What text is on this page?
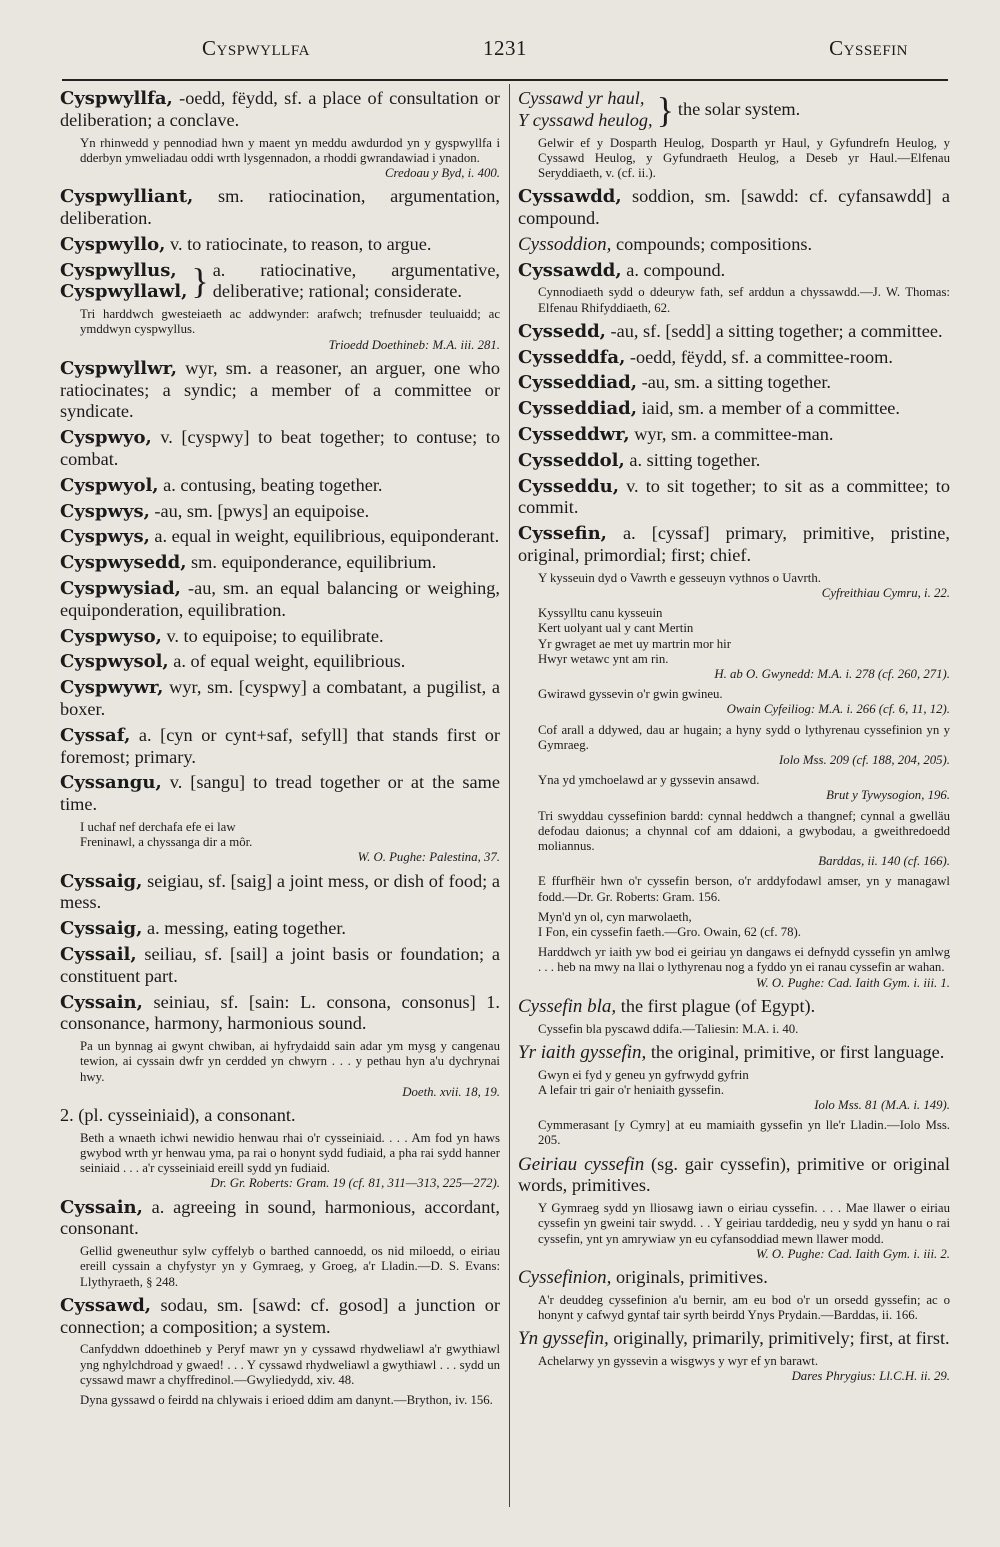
Cyspwyllfa	1231	Cyssefin
Cyspwyllfa, -oedd, fëydd, sf. a place of consultation or deliberation; a conclave.
Yn rhinwedd y pennodiad hwn y maent yn meddu awdurdod yn y gyspwyllfa i dderbyn ymweliadau oddi wrth lysgennadon, a rhoddi gwrandawiad i ynadon.
Credoau y Byd, i. 400.
Cyspwylliant, sm. ratiocination, argumentation, deliberation.
Cyspwyllo, v. to ratiocinate, to reason, to argue.
Cyspwyllus,
Cyspwyllawl, } a. ratiocinative, argumentative, deliberative; rational; considerate.
Tri harddwch gwesteiaeth ac addwynder: arafwch; trefnusder teuluaidd; ac ymddwyn cyspwyllus.
Trioedd Doethineb: M.A. iii. 281.
Cyspwyllwr, wyr, sm. a reasoner, an arguer, one who ratiocinates; a syndic; a member of a committee or syndicate.
Cyspwyo, v. [cyspwy] to beat together; to contuse; to combat.
Cyspwyol, a. contusing, beating together.
Cyspwys, -au, sm. [pwys] an equipoise.
Cyspwys, a. equal in weight, equilibrious, equiponderant.
Cyspwysedd, sm. equiponderance, equilibrium.
Cyspwysiad, -au, sm. an equal balancing or weighing, equiponderation, equilibration.
Cyspwyso, v. to equipoise; to equilibrate.
Cyspwysol, a. of equal weight, equilibrious.
Cyspwywr, wyr, sm. [cyspwy] a combatant, a pugilist, a boxer.
Cyssaf, a. [cyn or cynt+saf, sefyll] that stands first or foremost; primary.
Cyssangu, v. [sangu] to tread together or at the same time.
I uchaf nef derchafa efe ei law
Freninawl, a chyssanga dir a môr.
W. O. Pughe: Palestina, 37.
Cyssaig, seigiau, sf. [saig] a joint mess, or dish of food; a mess.
Cyssaig, a. messing, eating together.
Cyssail, seiliau, sf. [sail] a joint basis or foundation; a constituent part.
Cyssain, seiniau, sf. [sain: L. consona, consonus] 1. consonance, harmony, harmonious sound.
Pa un bynnag ai gwynt chwiban, ai hyfrydaidd sain adar ym mysg y cangenau tewion, ai cyssain dwfr yn cerdded yn chwyrn . . . y pethau hyn a'u dychrynai hwy.
Doeth. xvii. 18, 19.
2. (pl. cysseiniaid), a consonant.
Beth a wnaeth ichwi newidio henwau rhai o'r cysseiniaid. . . . Am fod yn haws gwybod wrth yr henwau yma, pa rai o honynt sydd fudiaid, a pha rai sydd hanner seiniaid . . . a'r cysseiniaid ereill sydd yn fudiaid.
Dr. Gr. Roberts: Gram. 19 (cf. 81, 311—313, 225—272).
Cyssain, a. agreeing in sound, harmonious, accordant, consonant.
Gellid gweneuthur sylw cyffelyb o barthed cannoedd, os nid miloedd, o eiriau ereill cyssain a chyfystyr yn y Gymraeg, y Groeg, a'r Lladin.—D. S. Evans: Llythyraeth, § 248.
Cyssawd, sodau, sm. [sawd: cf. gosod] a junction or connection; a composition; a system.
Canfyddwn ddoethineb y Peryf mawr yn y cyssawd rhydweliawl a'r gwythiawl yng nghylchdroad y gwaed! . . . Y cyssawd rhydweliawl a gwythiawl . . . sydd un cyssawd mawr a chyffredinol.—Gwyliedydd, xiv. 48.
Dyna gyssawd o feirdd na chlywais i erioed ddim am danynt.—Brython, iv. 156.
Cyssawd yr haul,
Y cyssawd heulog, } the solar system.
Gelwir ef y Dosparth Heulog, Dosparth yr Haul, y Gyfundrefn Heulog, y Cyssawd Heulog, y Gyfundraeth Heulog, a Deseb yr Haul.—Elfenau Seryddiaeth, v. (cf. ii.).
Cyssawdd, soddion, sm. [sawdd: cf. cyfansawdd] a compound.
Cyssoddion, compounds; compositions.
Cyssawdd, a. compound.
Cynnodiaeth sydd o ddeuryw fath, sef arddun a chyssawdd.—J. W. Thomas: Elfenau Rhifyddiaeth, 62.
Cyssedd, -au, sf. [sedd] a sitting together; a committee.
Cysseddfa, -oedd, fëydd, sf. a committee-room.
Cysseddiad, -au, sm. a sitting together.
Cysseddiad, iaid, sm. a member of a committee.
Cysseddwr, wyr, sm. a committee-man.
Cysseddol, a. sitting together.
Cysseddu, v. to sit together; to sit as a committee; to commit.
Cyssefin, a. [cyssaf] primary, primitive, pristine, original, primordial; first; chief.
Y kysseuin dyd o Vawrth e gesseuyn vythnos o Uavrth.
Cyfreithiau Cymru, i. 22.
Kyssylltu canu kysseuin
Kert uolyant ual y cant Mertin
Yr gwraget ae met uy martrin mor hir
Hwyr wetawc ynt am rin.
H. ab O. Gwynedd: M.A. i. 278 (cf. 260, 271).
Gwirawd gyssevin o'r gwin gwineu.
Owain Cyfeiliog: M.A. i. 266 (cf. 6, 11, 12).
Cof arall a ddywed, dau ar hugain; a hyny sydd o lythyrenau cyssefinion yn y Gymraeg.
Iolo Mss. 209 (cf. 188, 204, 205).
Yna yd ymchoelawd ar y gyssevin ansawd.
Brut y Tywysogion, 196.
Tri swyddau cyssefinion bardd: cynnal heddwch a thangnef; cynnal a gwelläu defodau daionus; a chynnal cof am ddaioni, a gwybodau, a gweithredoedd moliannus.
Barddas, ii. 140 (cf. 166).
E ffurfhëir hwn o'r cyssefin berson, o'r arddyfodawl amser, yn y managawl fodd.—Dr. Gr. Roberts: Gram. 156.
Myn'd yn ol, cyn marwolaeth,
I Fon, ein cyssefin faeth.—Gro. Owain, 62 (cf. 78).
Harddwch yr iaith yw bod ei geiriau yn dangaws ei defnydd cyssefin yn amlwg . . . heb na mwy na llai o lythyrenau nog a fyddo yn ei ranau cyssefin ar wahan.
W. O. Pughe: Cad. Iaith Gym. i. iii. 1.
Cyssefin bla, the first plague (of Egypt).
Cyssefin bla pyscawd ddifa.—Taliesin: M.A. i. 40.
Yr iaith gyssefin, the original, primitive, or first language.
Gwyn ei fyd y geneu yn gyfrwydd gyfrin
A lefair tri gair o'r heniaith gyssefin.
Iolo Mss. 81 (M.A. i. 149).
Cymmerasant [y Cymry] at eu mamiaith gyssefin yn lle'r Lladin.—Iolo Mss. 205.
Geiriau cyssefin (sg. gair cyssefin), primitive or original words, primitives.
Y Gymraeg sydd yn lliosawg iawn o eiriau cyssefin. . . . Mae llawer o eiriau cyssefin yn gweini tair swydd. . . Y geiriau tarddedig, neu y sydd yn hanu o rai cyssefin, ynt yn amrywiaw yn eu cyfansoddiad mewn llawer modd.
W. O. Pughe: Cad. Iaith Gym. i. iii. 2.
Cyssefinion, originals, primitives.
A'r deuddeg cyssefinion a'u bernir, am eu bod o'r un orsedd gyssefin; ac o honynt y cafwyd gyntaf tair syrth beirdd Ynys Prydain.—Barddas, ii. 166.
Yn gyssefin, originally, primarily, primitively; first, at first.
Achelarwy yn gyssevin a wisgwys y wyr ef yn barawt.
Dares Phrygius: Ll.C.H. ii. 29.
